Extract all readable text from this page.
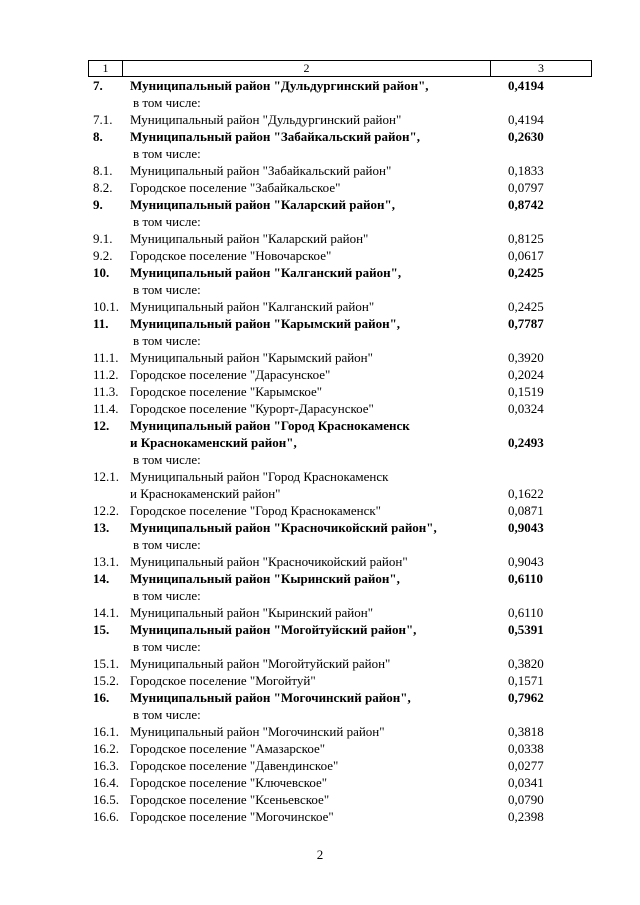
1	2	3
7. Муниципальный район "Дульдургинский район",	0,4194
в том числе:
7.1. Муниципальный район "Дульдургинский район"	0,4194
8. Муниципальный район "Забайкальский район",	0,2630
в том числе:
8.1. Муниципальный район "Забайкальский район"	0,1833
8.2. Городское поселение "Забайкальское"	0,0797
9. Муниципальный район "Каларский район",	0,8742
в том числе:
9.1. Муниципальный район "Каларский район"	0,8125
9.2. Городское поселение "Новочарское"	0,0617
10. Муниципальный район "Калганский район",	0,2425
в том числе:
10.1. Муниципальный район "Калганский район"	0,2425
11. Муниципальный район "Карымский район",	0,7787
в том числе:
11.1. Муниципальный район "Карымский район"	0,3920
11.2. Городское поселение "Дарасунское"	0,2024
11.3. Городское поселение "Карымское"	0,1519
11.4. Городское поселение "Курорт-Дарасунское"	0,0324
12. Муниципальный район "Город Краснокаменск
и Краснокаменский район",	0,2493
в том числе:
12.1. Муниципальный район "Город Краснокаменск
и Краснокаменский район"	0,1622
12.2. Городское поселение "Город Краснокаменск"	0,0871
13. Муниципальный район "Красночикойский район",	0,9043
в том числе:
13.1. Муниципальный район "Красночикойский район"	0,9043
14. Муниципальный район "Кыринский район",	0,6110
в том числе:
14.1. Муниципальный район "Кыринский район"	0,6110
15. Муниципальный район "Могойтуйский район",	0,5391
в том числе:
15.1. Муниципальный район "Могойтуйский район"	0,3820
15.2. Городское поселение "Могойтуй"	0,1571
16. Муниципальный район "Могочинский район",	0,7962
в том числе:
16.1. Муниципальный район "Могочинский район"	0,3818
16.2. Городское поселение "Амазарское"	0,0338
16.3. Городское поселение "Давендинское"	0,0277
16.4. Городское поселение "Ключевское"	0,0341
16.5. Городское поселение "Ксеньевское"	0,0790
16.6. Городское поселение "Могочинское"	0,2398
2
